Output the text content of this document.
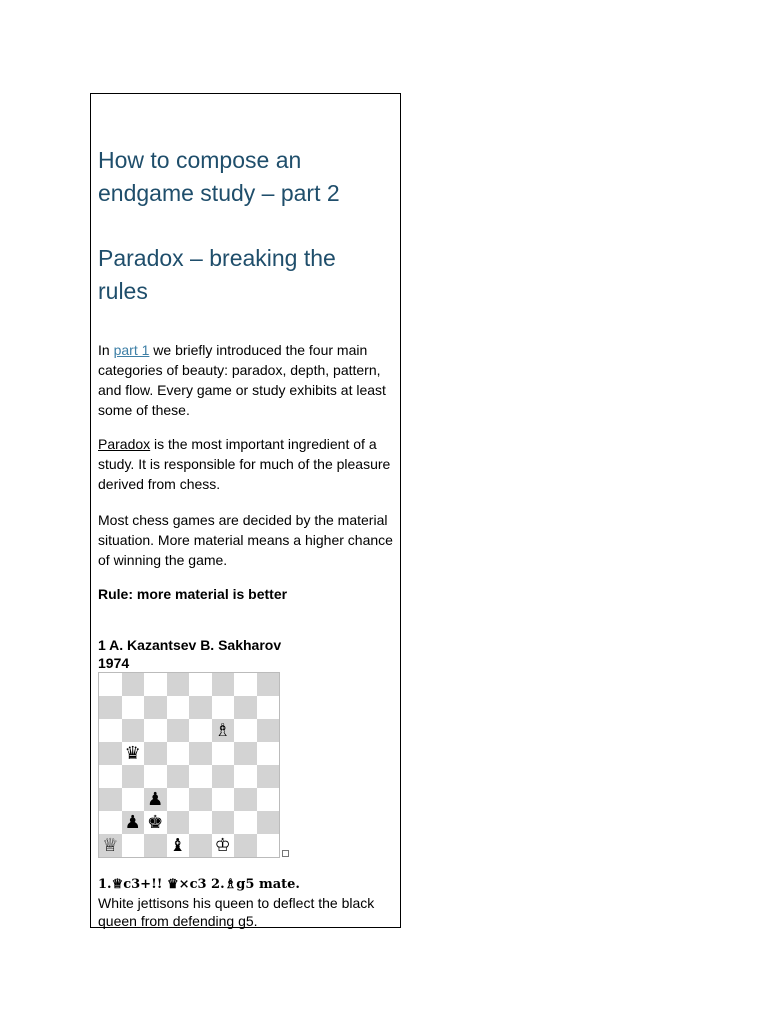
How to compose an endgame study – part 2
Paradox – breaking the rules

In part 1 we briefly introduced the four main categories of beauty: paradox, depth, pattern, and flow. Every game or study exhibits at least some of these.

Paradox is the most important ingredient of a study. It is responsible for much of the pleasure derived from chess.

Most chess games are decided by the material situation. More material means a higher chance of winning the game.

Rule: more material is better

1 A. Kazantsev B. Sakharov
1974
♗
♛
♟
♟ ♚
♕	♝ ♔
1.♕c3+!! ♛×c3 2.♗g5 mate.
White jettisons his queen to deflect the black queen from defending g5.
